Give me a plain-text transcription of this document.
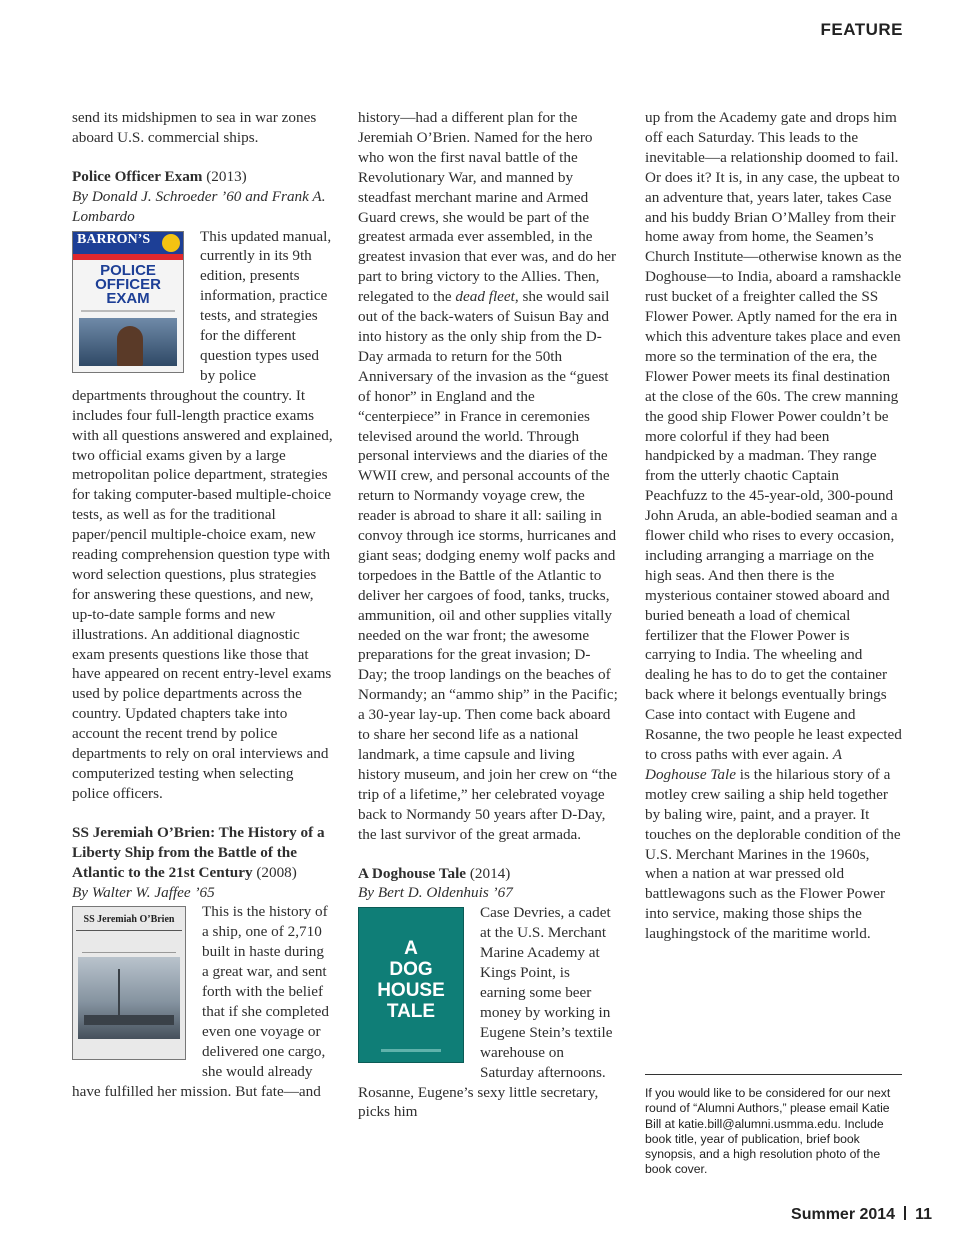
FEATURE

send its midshipmen to sea in war zones aboard U.S. commercial ships.

Police Officer Exam (2013)

By Donald J. Schroeder ’60 and Frank A. Lombardo

BARRON’S
POLICE
OFFICER
EXAM

This updated manual, currently in its 9th edition, presents information, practice tests, and strategies for the different question types used by police departments throughout the country. It includes four full-length practice exams with all questions answered and explained, two official exams given by a large metropolitan police department, strategies for taking computer-based multiple-choice tests, as well as for the traditional paper/pencil multiple-choice exam, new reading comprehension question type with word selection questions, plus strategies for answering these questions, and new, up-to-date sample forms and new illustrations. An additional diagnostic exam presents questions like those that have appeared on recent entry-level exams used by police departments across the country. Updated chapters take into account the recent trend by police departments to rely on oral interviews and computerized testing when selecting police officers.

SS Jeremiah O’Brien: The History of a Liberty Ship from the Battle of the Atlantic to the 21st Century (2008)

By Walter W. Jaffee ’65

SS Jeremiah O’Brien	This is the history of a ship, one of 2,710 built in haste during a great war, and sent forth with the belief that if she completed even one voyage or delivered one cargo, she would already have fulfilled her mission. But fate—and

history—had a different plan for the Jeremiah O’Brien. Named for the hero who won the first naval battle of the Revolutionary War, and manned by steadfast merchant marine and Armed Guard crews, she would be part of the greatest armada ever assembled, in the greatest invasion that ever was, and do her part to bring victory to the Allies. Then, relegated to the dead fleet, she would sail out of the back-waters of Suisun Bay and into history as the only ship from the D-Day armada to return for the 50th Anniversary of the invasion as the “guest of honor” in England and the “centerpiece” in France in ceremonies televised around the world. Through personal interviews and the diaries of the WWII crew, and personal accounts of the return to Normandy voyage crew, the reader is abroad to share it all: sailing in convoy through ice storms, hurricanes and giant seas; dodging enemy wolf packs and torpedoes in the Battle of the Atlantic to deliver her cargoes of food, tanks, trucks, ammunition, oil and other supplies vitally needed on the war front; the awesome preparations for the great invasion; D-Day; the troop landings on the beaches of Normandy; an “ammo ship” in the Pacific; a 30-year lay-up. Then come back aboard to share her second life as a national landmark, a time capsule and living history museum, and join her crew on “the trip of a lifetime,” her celebrated voyage back to Normandy 50 years after D-Day, the last survivor of the great armada.

A Doghouse Tale (2014)

By Bert D. Oldenhuis ’67

A
DOG
HOUSE
TALE

Case Devries, a cadet at the U.S. Merchant Marine Academy at Kings Point, is earning some beer money by working in Eugene Stein’s textile warehouse on Saturday afternoons. Rosanne, Eugene’s sexy little secretary, picks him

up from the Academy gate and drops him off each Saturday. This leads to the inevitable—a relationship doomed to fail. Or does it? It is, in any case, the upbeat to an adventure that, years later, takes Case and his buddy Brian O’Malley from their home away from home, the Seamen’s Church Institute—otherwise known as the Doghouse—to India, aboard a ramshackle rust bucket of a freighter called the SS Flower Power. Aptly named for the era in which this adventure takes place and even more so the termination of the era, the Flower Power meets its final destination at the close of the 60s. The crew manning the good ship Flower Power couldn’t be more colorful if they had been handpicked by a madman. They range from the utterly chaotic Captain Peachfuzz to the 45-year-old, 300-pound John Aruda, an able-bodied seaman and a flower child who rises to every occasion, including arranging a marriage on the high seas. And then there is the mysterious container stowed aboard and buried beneath a load of chemical fertilizer that the Flower Power is carrying to India. The wheeling and dealing he has to do to get the container back where it belongs eventually brings Case into contact with Eugene and Rosanne, the two people he least expected to cross paths with ever again. A Doghouse Tale is the hilarious story of a motley crew sailing a ship held together by baling wire, paint, and a prayer. It touches on the deplorable condition of the U.S. Merchant Marines in the 1960s, when a nation at war pressed old battlewagons such as the Flower Power into service, making those ships the laughingstock of the maritime world.

If you would like to be considered for our next round of “Alumni Authors,” please email Katie Bill at katie.bill@alumni.usmma.edu. Include book title, year of publication, brief book synopsis, and a high resolution photo of the book cover.

Summer 2014 11
